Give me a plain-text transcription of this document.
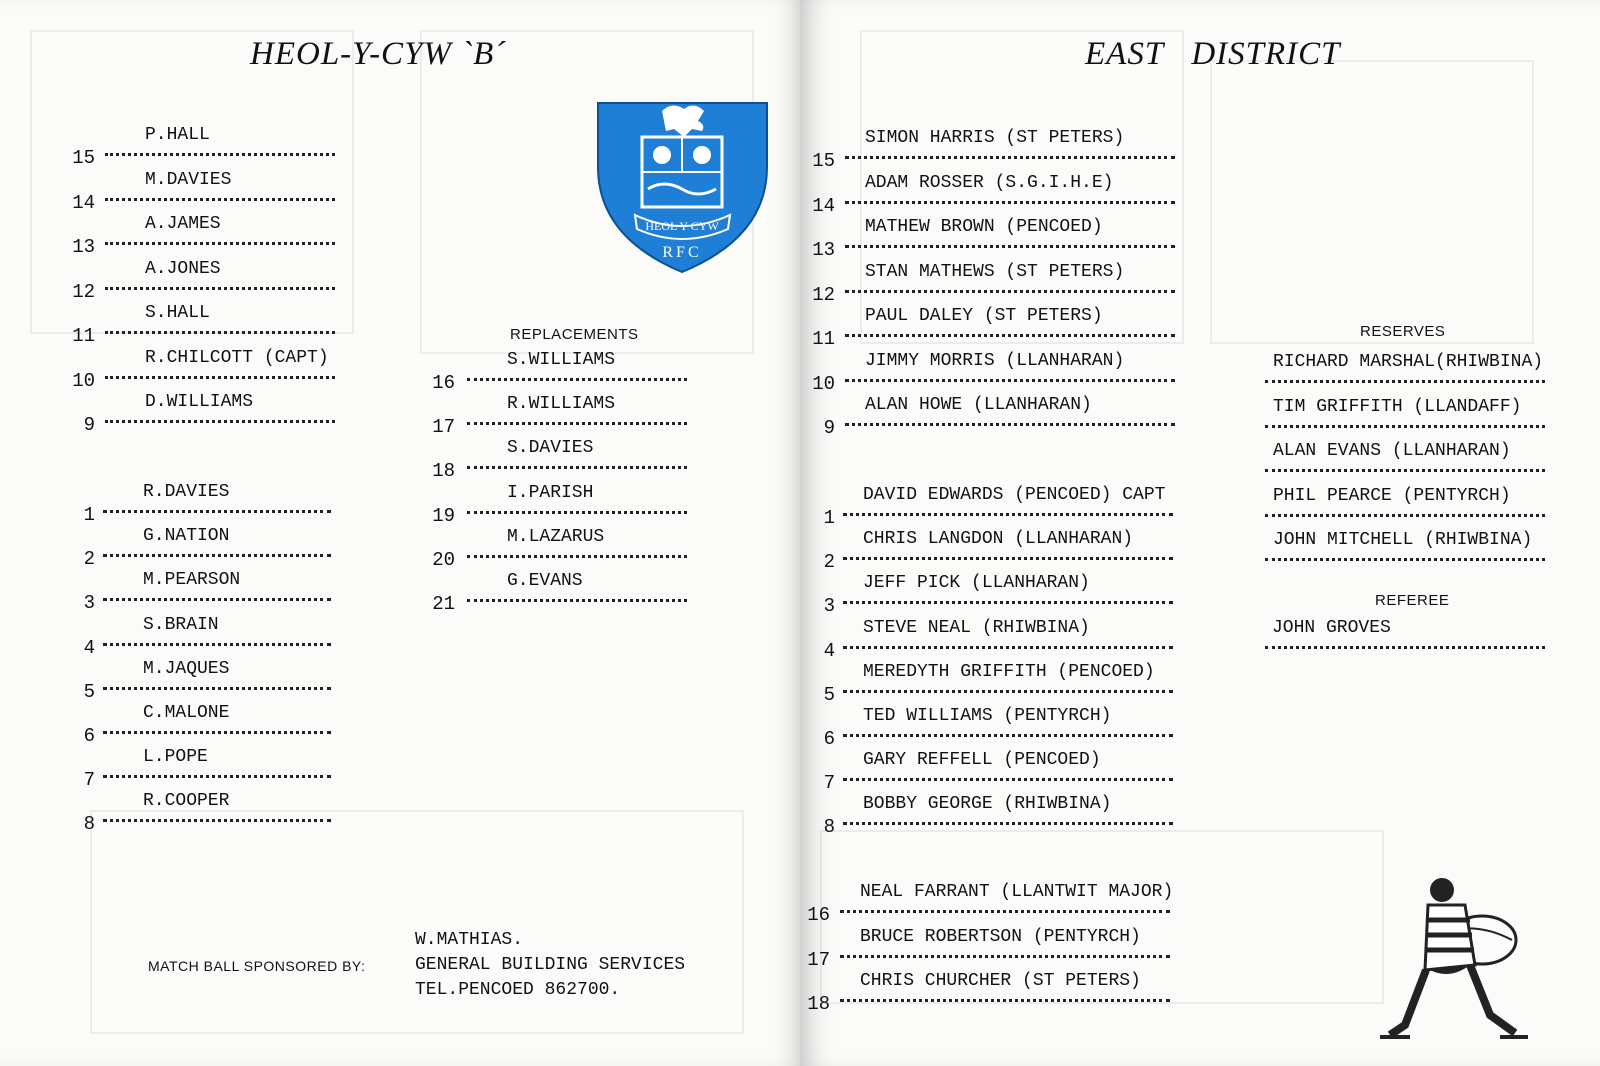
HEOL-Y-CYW `B´
15
P.HALL
14
M.DAVIES
13
A.JAMES
12
A.JONES
11
S.HALL
10
R.CHILCOTT (CAPT)
9
D.WILLIAMS
1
R.DAVIES
2
G.NATION
3
M.PEARSON
4
S.BRAIN
5
M.JAQUES
6
C.MALONE
7
L.POPE
8
R.COOPER
REPLACEMENTS
16
S.WILLIAMS
17
R.WILLIAMS
18
S.DAVIES
19
I.PARISH
20
M.LAZARUS
21
G.EVANS
HEOL Y CYW
RFC
MATCH BALL SPONSORED BY:
W.MATHIAS.
GENERAL BUILDING SERVICES
TEL.PENCOED 862700.
EAST   DISTRICT
15
SIMON HARRIS (ST PETERS)
14
ADAM ROSSER (S.G.I.H.E)
13
MATHEW BROWN (PENCOED)
12
STAN MATHEWS (ST PETERS)
11
PAUL DALEY (ST PETERS)
10
JIMMY MORRIS (LLANHARAN)
9
ALAN HOWE (LLANHARAN)
1
DAVID EDWARDS (PENCOED) CAPT
2
CHRIS LANGDON (LLANHARAN)
3
JEFF PICK (LLANHARAN)
4
STEVE NEAL (RHIWBINA)
5
MEREDYTH GRIFFITH (PENCOED)
6
TED WILLIAMS (PENTYRCH)
7
GARY REFFELL (PENCOED)
8
BOBBY GEORGE (RHIWBINA)
16
NEAL FARRANT (LLANTWIT MAJOR)
17
BRUCE ROBERTSON (PENTYRCH)
18
CHRIS CHURCHER (ST PETERS)
RESERVES
RICHARD MARSHAL(RHIWBINA)
TIM GRIFFITH (LLANDAFF)
ALAN EVANS (LLANHARAN)
PHIL PEARCE (PENTYRCH)
JOHN MITCHELL (RHIWBINA)
REFEREE
JOHN GROVES
